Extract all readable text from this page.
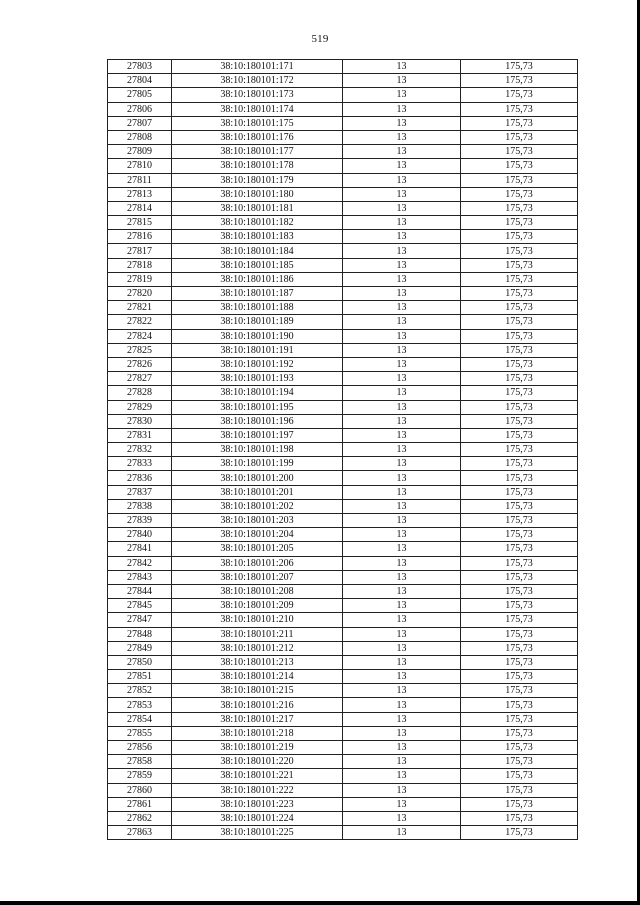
519
27803	38:10:180101:171	13	175,73
27804	38:10:180101:172	13	175,73
27805	38:10:180101:173	13	175,73
27806	38:10:180101:174	13	175,73
27807	38:10:180101:175	13	175,73
27808	38:10:180101:176	13	175,73
27809	38:10:180101:177	13	175,73
27810	38:10:180101:178	13	175,73
27811	38:10:180101:179	13	175,73
27813	38:10:180101:180	13	175,73
27814	38:10:180101:181	13	175,73
27815	38:10:180101:182	13	175,73
27816	38:10:180101:183	13	175,73
27817	38:10:180101:184	13	175,73
27818	38:10:180101:185	13	175,73
27819	38:10:180101:186	13	175,73
27820	38:10:180101:187	13	175,73
27821	38:10:180101:188	13	175,73
27822	38:10:180101:189	13	175,73
27824	38:10:180101:190	13	175,73
27825	38:10:180101:191	13	175,73
27826	38:10:180101:192	13	175,73
27827	38:10:180101:193	13	175,73
27828	38:10:180101:194	13	175,73
27829	38:10:180101:195	13	175,73
27830	38:10:180101:196	13	175,73
27831	38:10:180101:197	13	175,73
27832	38:10:180101:198	13	175,73
27833	38:10:180101:199	13	175,73
27836	38:10:180101:200	13	175,73
27837	38:10:180101:201	13	175,73
27838	38:10:180101:202	13	175,73
27839	38:10:180101:203	13	175,73
27840	38:10:180101:204	13	175,73
27841	38:10:180101:205	13	175,73
27842	38:10:180101:206	13	175,73
27843	38:10:180101:207	13	175,73
27844	38:10:180101:208	13	175,73
27845	38:10:180101:209	13	175,73
27847	38:10:180101:210	13	175,73
27848	38:10:180101:211	13	175,73
27849	38:10:180101:212	13	175,73
27850	38:10:180101:213	13	175,73
27851	38:10:180101:214	13	175,73
27852	38:10:180101:215	13	175,73
27853	38:10:180101:216	13	175,73
27854	38:10:180101:217	13	175,73
27855	38:10:180101:218	13	175,73
27856	38:10:180101:219	13	175,73
27858	38:10:180101:220	13	175,73
27859	38:10:180101:221	13	175,73
27860	38:10:180101:222	13	175,73
27861	38:10:180101:223	13	175,73
27862	38:10:180101:224	13	175,73
27863	38:10:180101:225	13	175,73
